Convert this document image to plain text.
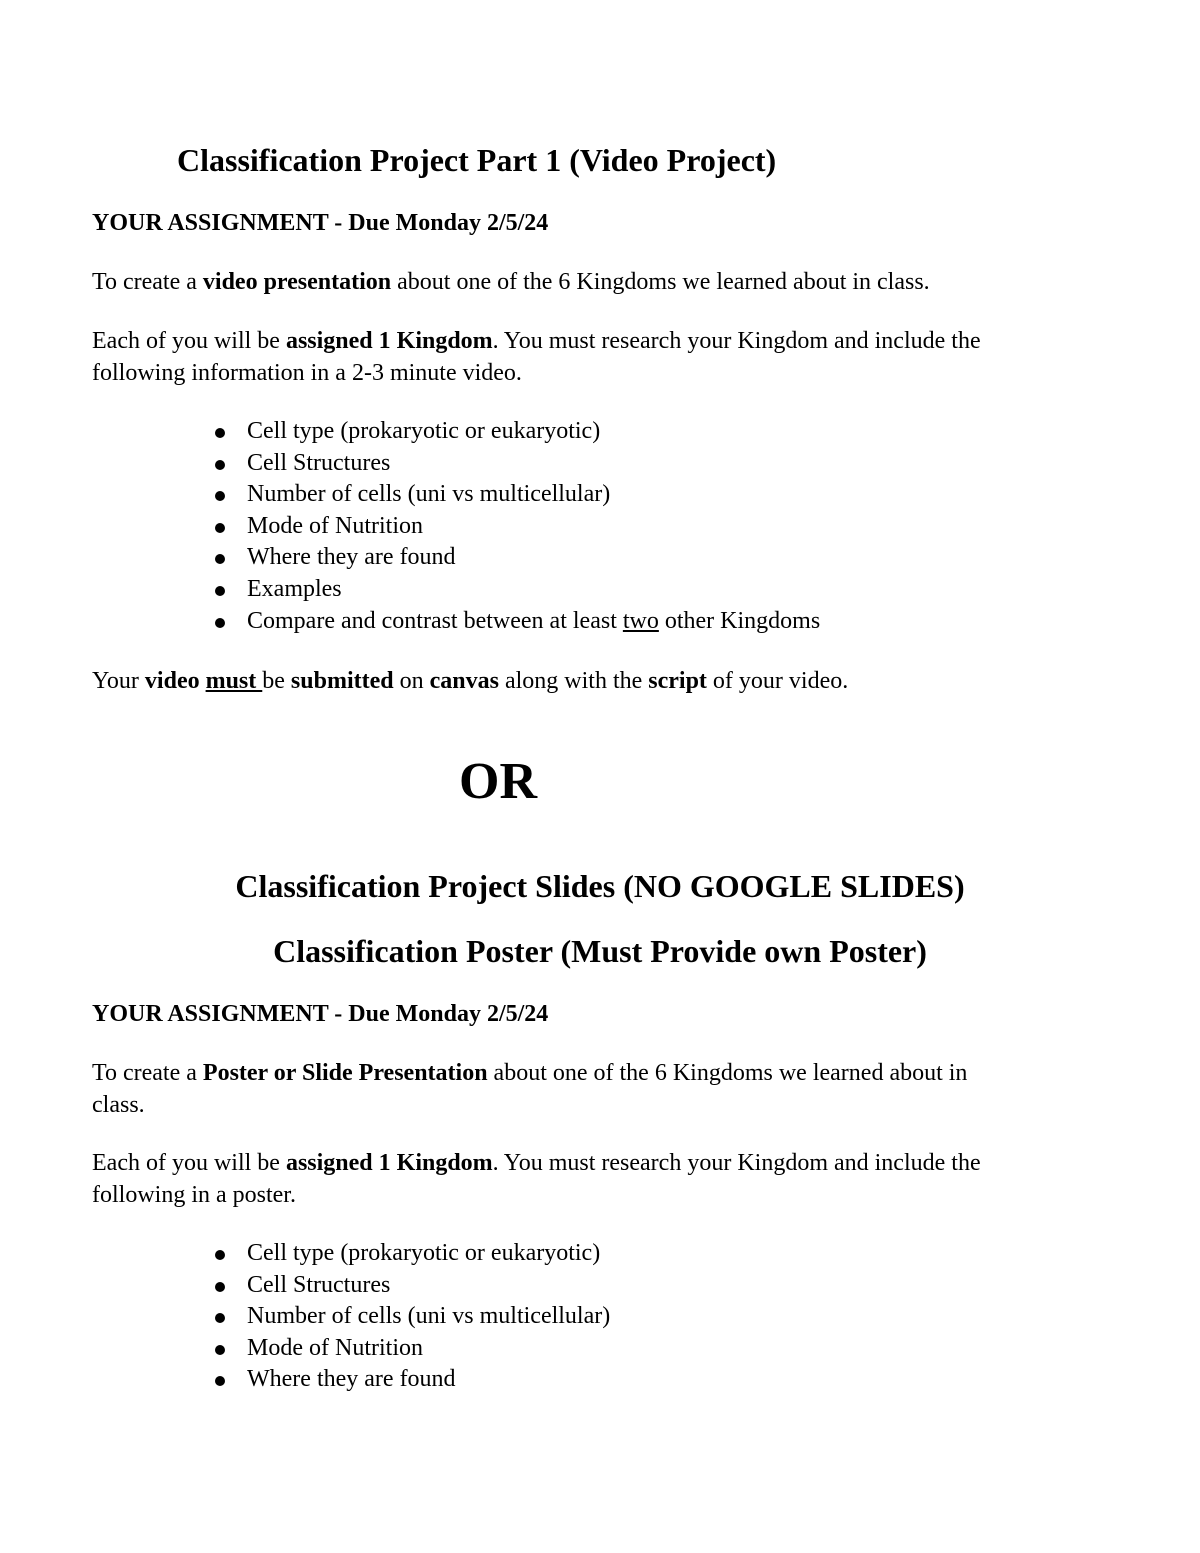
Classification Project Part 1 (Video Project)
YOUR ASSIGNMENT - Due Monday 2/5/24
To create a video presentation about one of the 6 Kingdoms we learned about in class.
Each of you will be assigned 1 Kingdom. You must research your Kingdom and include the
following information in a 2-3 minute video.
Cell type (prokaryotic or eukaryotic)
Cell Structures
Number of cells (uni vs multicellular)
Mode of Nutrition
Where they are found
Examples
Compare and contrast between at least two other Kingdoms
Your video must be submitted on canvas along with the script of your video.
OR
Classification Project Slides (NO GOOGLE SLIDES)
Classification Poster (Must Provide own Poster)
YOUR ASSIGNMENT - Due Monday 2/5/24
To create a Poster or Slide Presentation about one of the 6 Kingdoms we learned about in
class.
Each of you will be assigned 1 Kingdom. You must research your Kingdom and include the
following in a poster.
Cell type (prokaryotic or eukaryotic)
Cell Structures
Number of cells (uni vs multicellular)
Mode of Nutrition
Where they are found
